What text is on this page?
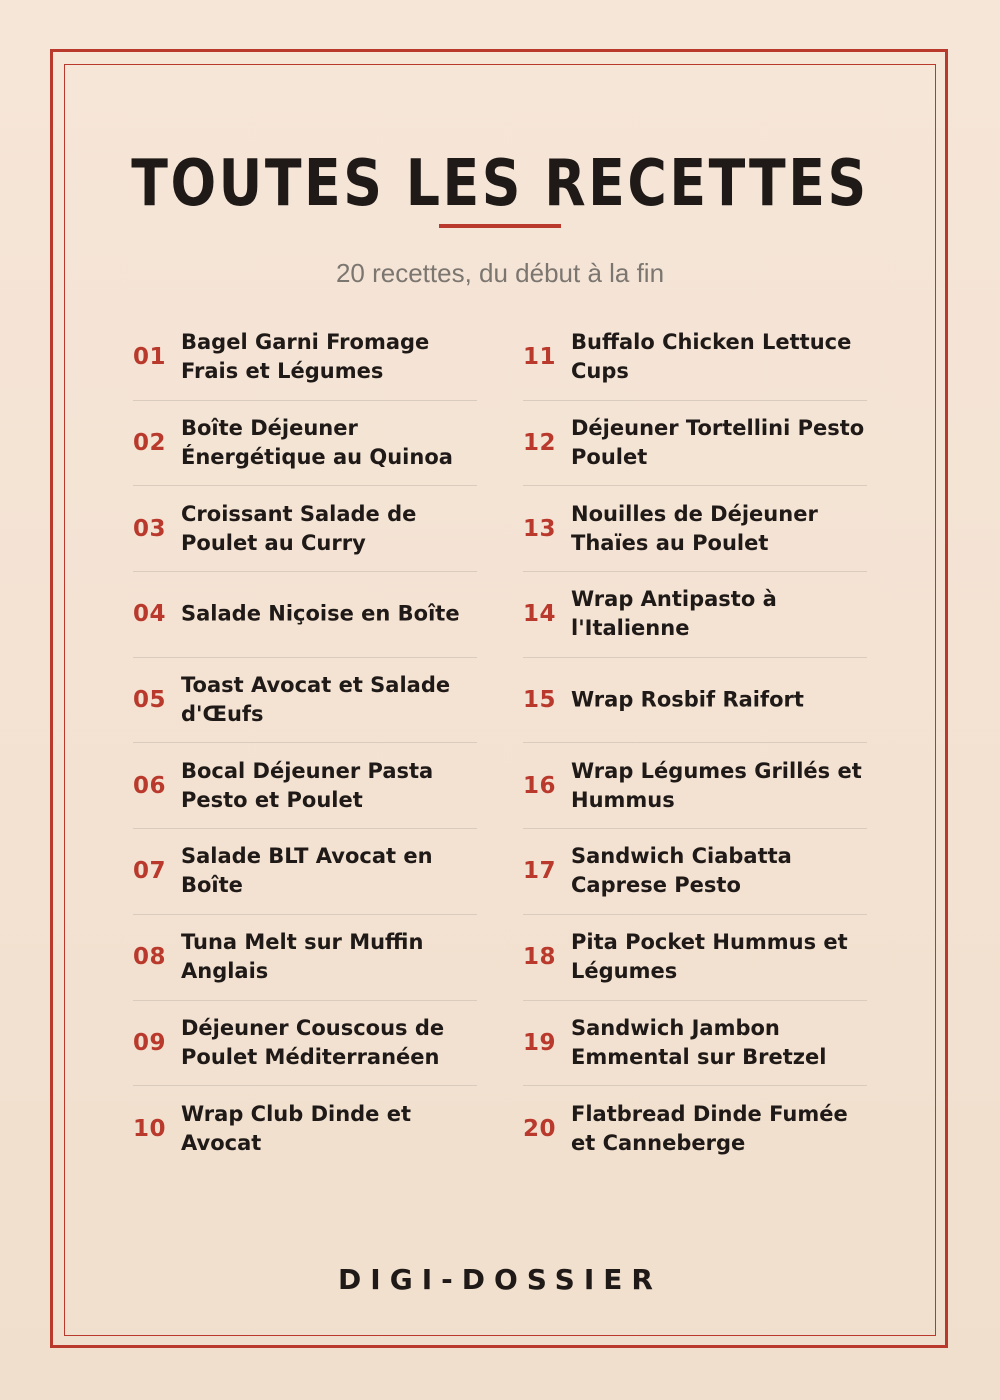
TOUTES LES RECETTES
20 recettes, du début à la fin
01
Bagel Garni Fromage Frais et Légumes
02
Boîte Déjeuner Énergétique au Quinoa
03
Croissant Salade de Poulet au Curry
04 Salade Niçoise en Boîte
05
Toast Avocat et Salade d'Œufs
06
Bocal Déjeuner Pasta Pesto et Poulet
07
Salade BLT Avocat en Boîte
08
Tuna Melt sur Muffin Anglais
09
Déjeuner Couscous de Poulet Méditerranéen
10
Wrap Club Dinde et Avocat
11
Buffalo Chicken Lettuce Cups
12
Déjeuner Tortellini Pesto Poulet
13
Nouilles de Déjeuner Thaïes au Poulet
14
Wrap Antipasto à l'Italienne
15 Wrap Rosbif Raifort
16
Wrap Légumes Grillés et Hummus
17
Sandwich Ciabatta Caprese Pesto
18
Pita Pocket Hummus et Légumes
19
Sandwich Jambon Emmental sur Bretzel
20
Flatbread Dinde Fumée et Canneberge
DIGI-DOSSIER
